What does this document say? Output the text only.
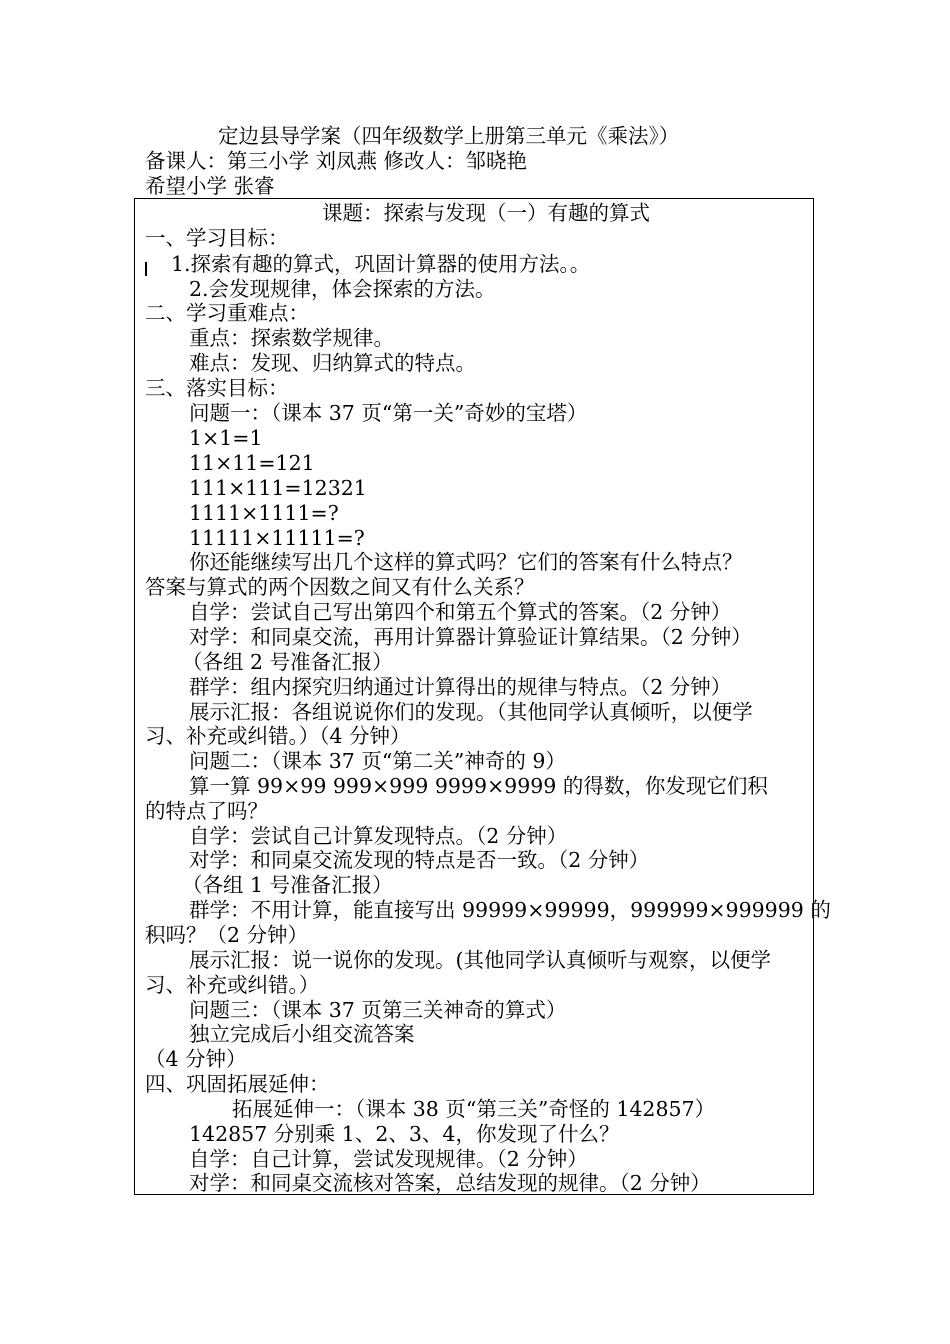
定边县导学案（四年级数学上册第三单元《乘法》）
备课人：第三小学 刘凤燕 修改人：邹晓艳
希望小学 张睿
课题：探索与发现（一）有趣的算式
一、学习目标：
1.探索有趣的算式，巩固计算器的使用方法。。
2.会发现规律，体会探索的方法。
二、学习重难点：
重点：探索数学规律。
难点：发现、归纳算式的特点。
三、落实目标：
问题一：（课本 37 页“第一关”奇妙的宝塔）
1×1=1
11×11=121
111×111=12321
1111×1111=?
11111×11111=?
你还能继续写出几个这样的算式吗？它们的答案有什么特点？
答案与算式的两个因数之间又有什么关系？
自学：尝试自己写出第四个和第五个算式的答案。（2 分钟）
对学：和同桌交流，再用计算器计算验证计算结果。（2 分钟）
（各组 2 号准备汇报）
群学：组内探究归纳通过计算得出的规律与特点。（2 分钟）
展示汇报：各组说说你们的发现。（其他同学认真倾听，以便学
习、补充或纠错。）（4 分钟）
问题二：（课本 37 页“第二关”神奇的 9）
算一算 99×99 999×999 9999×9999 的得数，你发现它们积
的特点了吗？
自学：尝试自己计算发现特点。（2 分钟）
对学：和同桌交流发现的特点是否一致。（2 分钟）
（各组 1 号准备汇报）
群学：不用计算，能直接写出 99999×99999，999999×999999 的
积吗？（2 分钟）
展示汇报：说一说你的发现。(其他同学认真倾听与观察，以便学
习、补充或纠错。）
问题三：（课本 37 页第三关神奇的算式）
独立完成后小组交流答案
（4 分钟）
四、巩固拓展延伸：
拓展延伸一：（课本 38 页“第三关”奇怪的 142857）
142857 分别乘 1、2、3、4，你发现了什么？
自学：自己计算，尝试发现规律。（2 分钟）
对学：和同桌交流核对答案，总结发现的规律。（2 分钟）
